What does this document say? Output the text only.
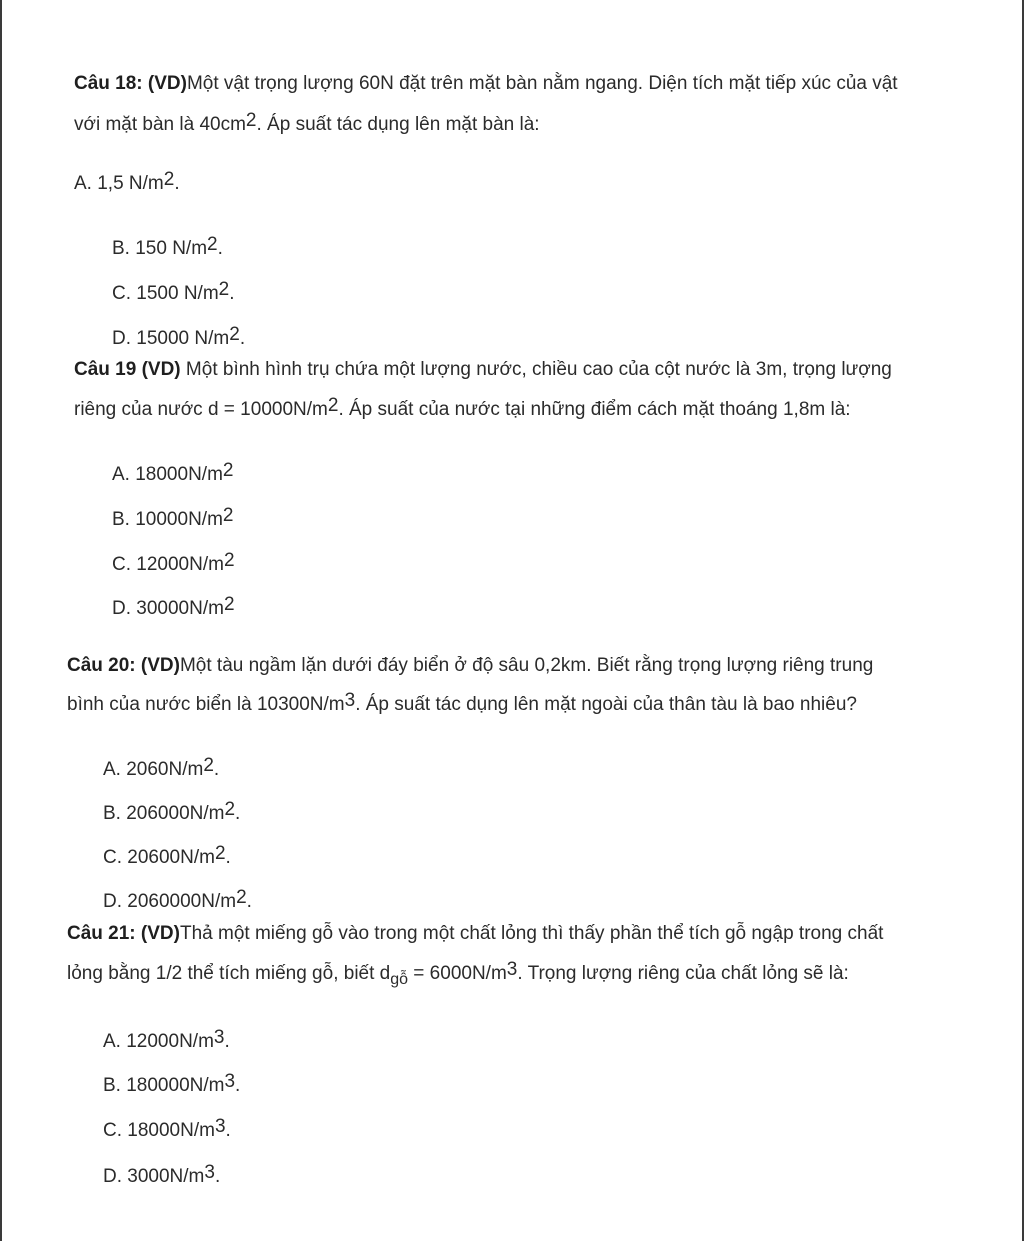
Câu 18: (VD)Một vật trọng lượng 60N đặt trên mặt bàn nằm ngang. Diện tích mặt tiếp xúc của vật
với mặt bàn là $40cm^2$. Áp suất tác dụng lên mặt bàn là:
A. 1,5 $N/m^2$.
B. 150 $N/m^2$.
C. 1500 $N/m^2$.
D. 15000 $N/m^2$.
Câu 19 (VD) Một bình hình trụ chứa một lượng nước, chiều cao của cột nước là 3m, trọng lượng
riêng của nước $d = 10000N/m^2$. Áp suất của nước tại những điểm cách mặt thoáng 1,8m là:
A. $18000N/m^2$
B. $10000N/m^2$
C. $12000N/m^2$
D. $30000N/m^2$
Câu 20: (VD)Một tàu ngầm lặn dưới đáy biển ở độ sâu 0,2km. Biết rằng trọng lượng riêng trung
bình của nước biển là $10300N/m^3$. Áp suất tác dụng lên mặt ngoài của thân tàu là bao nhiêu?
A. $2060N/m^2$.
B. $206000N/m^2$.
C. $20600N/m^2$.
D. $2060000N/m^2$.
Câu 21: (VD)Thả một miếng gỗ vào trong một chất lỏng thì thấy phần thể tích gỗ ngập trong chất
lỏng bằng 1/2 thể tích miếng gỗ, biết $d_{gỗ} = 6000N/m^3$. Trọng lượng riêng của chất lỏng sẽ là:
A. $12000N/m^3$.
B. $180000N/m^3$.
C. $18000N/m^3$.
D. $3000N/m^3$.
